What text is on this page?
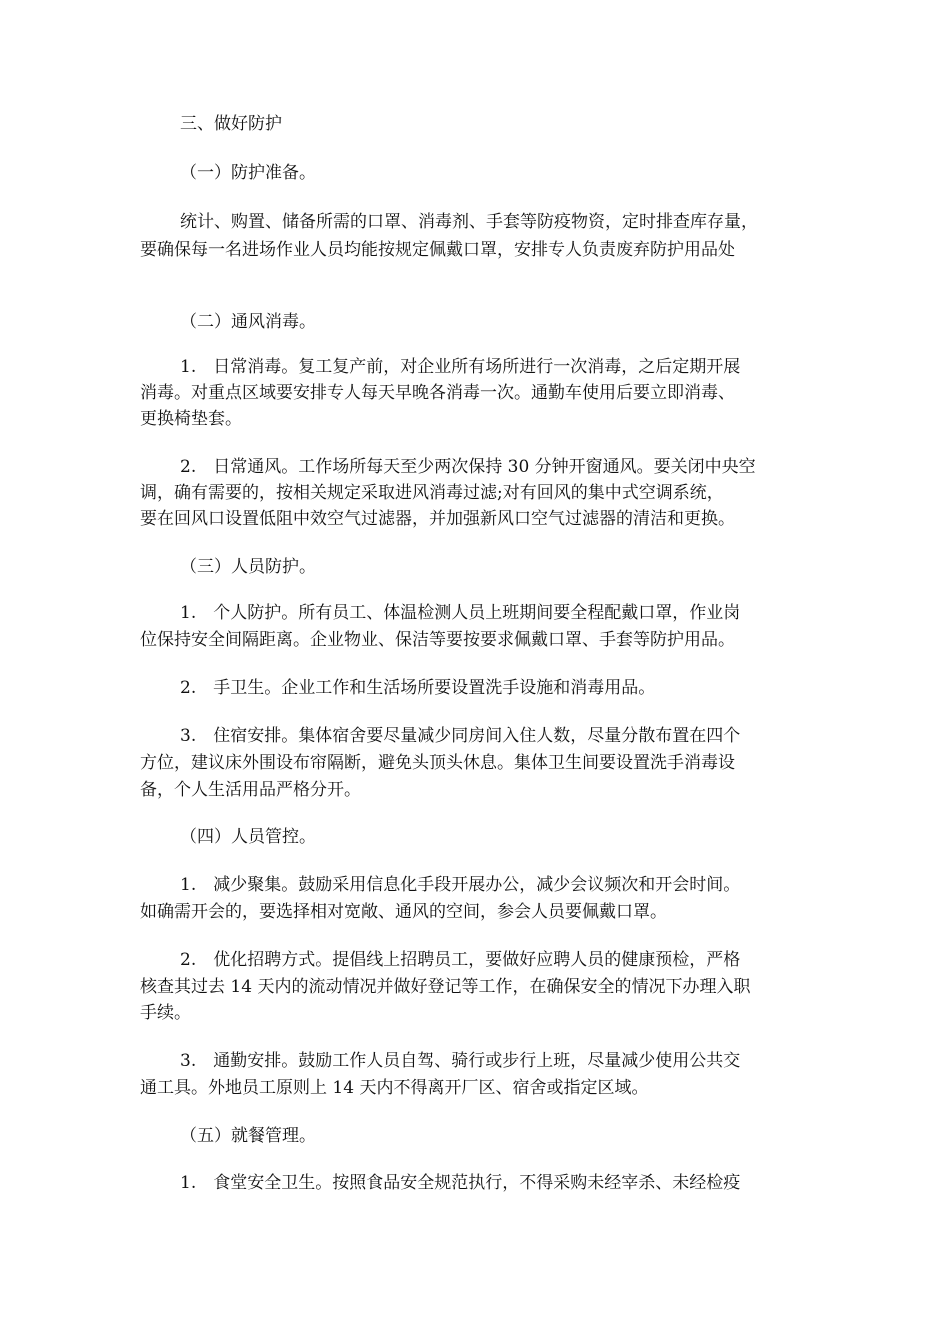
三、做好防护
（一）防护准备。
统计、购置、储备所需的口罩、消毒剂、手套等防疫物资，定时排查库存量，
要确保每一名进场作业人员均能按规定佩戴口罩，安排专人负责废弃防护用品处
（二）通风消毒。
1.　日常消毒。复工复产前，对企业所有场所进行一次消毒，之后定期开展
消毒。对重点区域要安排专人每天早晚各消毒一次。通勤车使用后要立即消毒、
更换椅垫套。
2.　日常通风。工作场所每天至少两次保持 30 分钟开窗通风。要关闭中央空
调，确有需要的，按相关规定采取进风消毒过滤;对有回风的集中式空调系统，
要在回风口设置低阻中效空气过滤器，并加强新风口空气过滤器的清洁和更换。
（三）人员防护。
1.　个人防护。所有员工、体温检测人员上班期间要全程配戴口罩，作业岗
位保持安全间隔距离。企业物业、保洁等要按要求佩戴口罩、手套等防护用品。
2.　手卫生。企业工作和生活场所要设置洗手设施和消毒用品。
3.　住宿安排。集体宿舍要尽量减少同房间入住人数，尽量分散布置在四个
方位，建议床外围设布帘隔断，避免头顶头休息。集体卫生间要设置洗手消毒设
备，个人生活用品严格分开。
（四）人员管控。
1.　减少聚集。鼓励采用信息化手段开展办公，减少会议频次和开会时间。
如确需开会的，要选择相对宽敞、通风的空间，参会人员要佩戴口罩。
2.　优化招聘方式。提倡线上招聘员工，要做好应聘人员的健康预检，严格
核查其过去 14 天内的流动情况并做好登记等工作，在确保安全的情况下办理入职
手续。
3.　通勤安排。鼓励工作人员自驾、骑行或步行上班，尽量减少使用公共交
通工具。外地员工原则上 14 天内不得离开厂区、宿舍或指定区域。
（五）就餐管理。
1.　食堂安全卫生。按照食品安全规范执行，不得采购未经宰杀、未经检疫
